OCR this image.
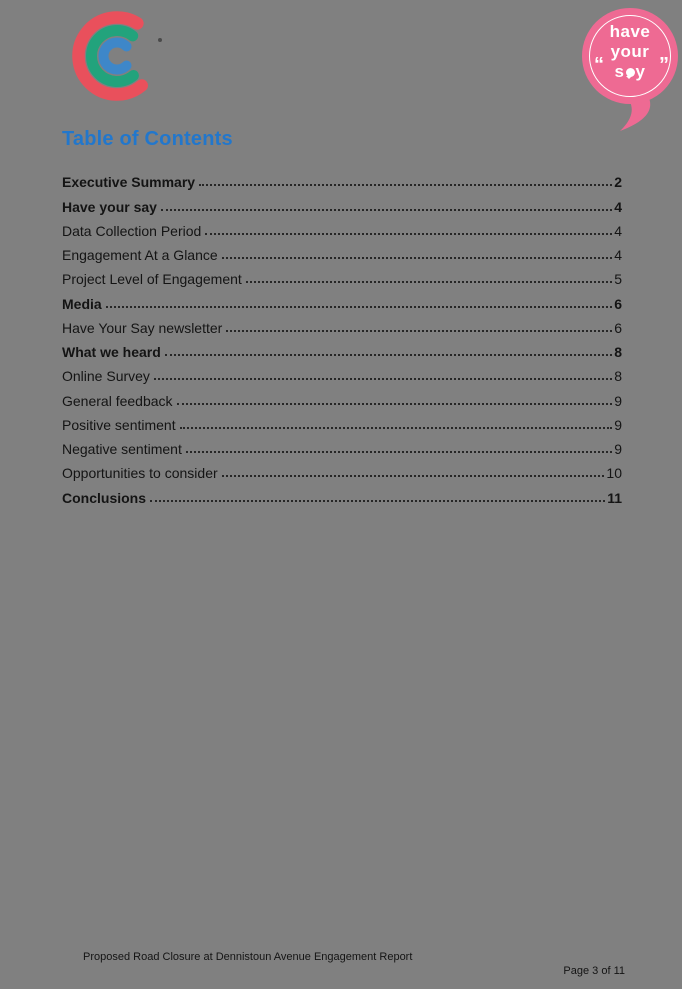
have
your
s y
“	”
Table of Contents
Executive Summary	2
Have your say	4
Data Collection Period	4
Engagement At a Glance	4
Project Level of Engagement	5
Media	6
Have Your Say newsletter	6
What we heard	8
Online Survey	8
General feedback	9
Positive sentiment	9
Negative sentiment	9
Opportunities to consider	10
Conclusions	11
Proposed Road Closure at Dennistoun Avenue Engagement Report
Page 3 of 11
